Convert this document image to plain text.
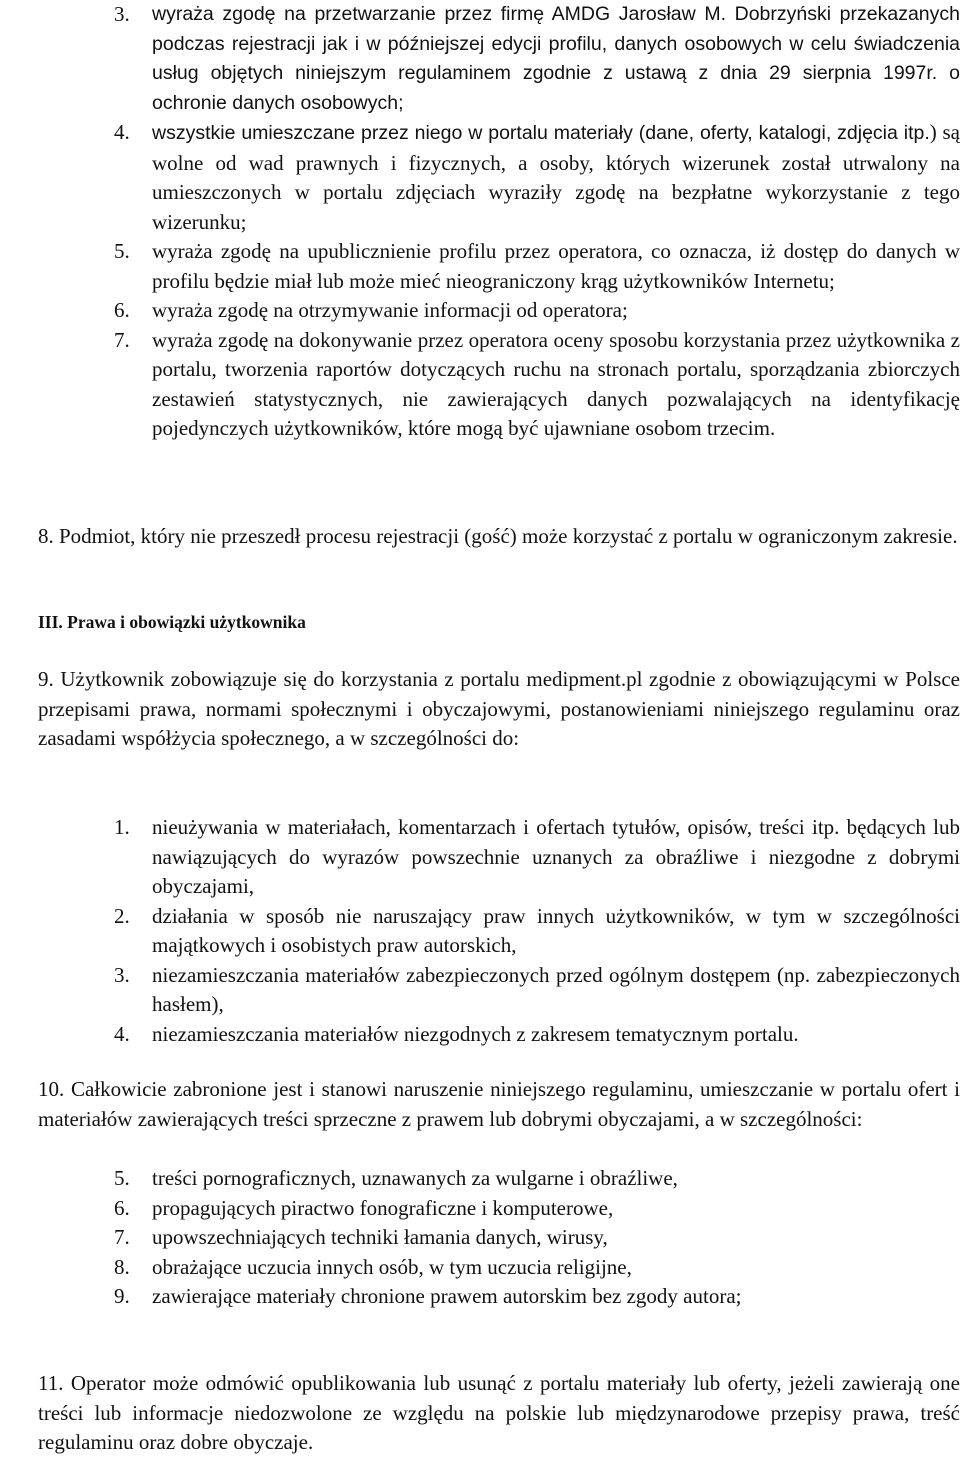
3.	wyraża zgodę na przetwarzanie przez firmę AMDG Jarosław M. Dobrzyński przekazanych podczas rejestracji jak i w późniejszej edycji profilu, danych osobowych w celu świadczenia usług objętych niniejszym regulaminem zgodnie z ustawą z dnia 29 sierpnia 1997r. o ochronie danych osobowych;

4.	wszystkie umieszczane przez niego w portalu materiały (dane, oferty, katalogi, zdjęcia itp.) są wolne od wad prawnych i fizycznych, a osoby, których wizerunek został utrwalony na umieszczonych w portalu zdjęciach wyraziły zgodę na bezpłatne wykorzystanie z tego wizerunku;

5.	wyraża zgodę na upublicznienie profilu przez operatora, co oznacza, iż dostęp do danych w profilu będzie miał lub może mieć nieograniczony krąg użytkowników Internetu;

6.	wyraża zgodę na otrzymywanie informacji od operatora;

7.	wyraża zgodę na dokonywanie przez operatora oceny sposobu korzystania przez użytkownika z portalu, tworzenia raportów dotyczących ruchu na stronach portalu, sporządzania zbiorczych zestawień statystycznych, nie zawierających danych pozwalających na identyfikację pojedynczych użytkowników, które mogą być ujawniane osobom trzecim.

8. Podmiot, który nie przeszedł procesu rejestracji (gość) może korzystać z portalu w ograniczonym zakresie.

III. Prawa i obowiązki użytkownika

9. Użytkownik zobowiązuje się do korzystania z portalu medipment.pl zgodnie z obowiązującymi w Polsce przepisami prawa, normami społecznymi i obyczajowymi, postanowieniami niniejszego regulaminu oraz zasadami współżycia społecznego, a w szczególności do:

1.	nieużywania w materiałach, komentarzach i ofertach tytułów, opisów, treści itp. będących lub nawiązujących do wyrazów powszechnie uznanych za obraźliwe i niezgodne z dobrymi obyczajami,

2.	działania w sposób nie naruszający praw innych użytkowników, w tym w szczególności majątkowych i osobistych praw autorskich,

3.	niezamieszczania materiałów zabezpieczonych przed ogólnym dostępem (np. zabezpieczonych hasłem),

4.	niezamieszczania materiałów niezgodnych z zakresem tematycznym portalu.

10. Całkowicie zabronione jest i stanowi naruszenie niniejszego regulaminu, umieszczanie w portalu ofert i materiałów zawierających treści sprzeczne z prawem lub dobrymi obyczajami, a w szczególności:

5.	treści pornograficznych, uznawanych za wulgarne i obraźliwe,

6.	propagujących piractwo fonograficzne i komputerowe,

7.	upowszechniających techniki łamania danych, wirusy,

8.	obrażające uczucia innych osób, w tym uczucia religijne,

9.	zawierające materiały chronione prawem autorskim bez zgody autora;

11. Operator może odmówić opublikowania lub usunąć z portalu materiały lub oferty, jeżeli zawierają one treści lub informacje niedozwolone ze względu na polskie lub międzynarodowe przepisy prawa, treść regulaminu oraz dobre obyczaje.
